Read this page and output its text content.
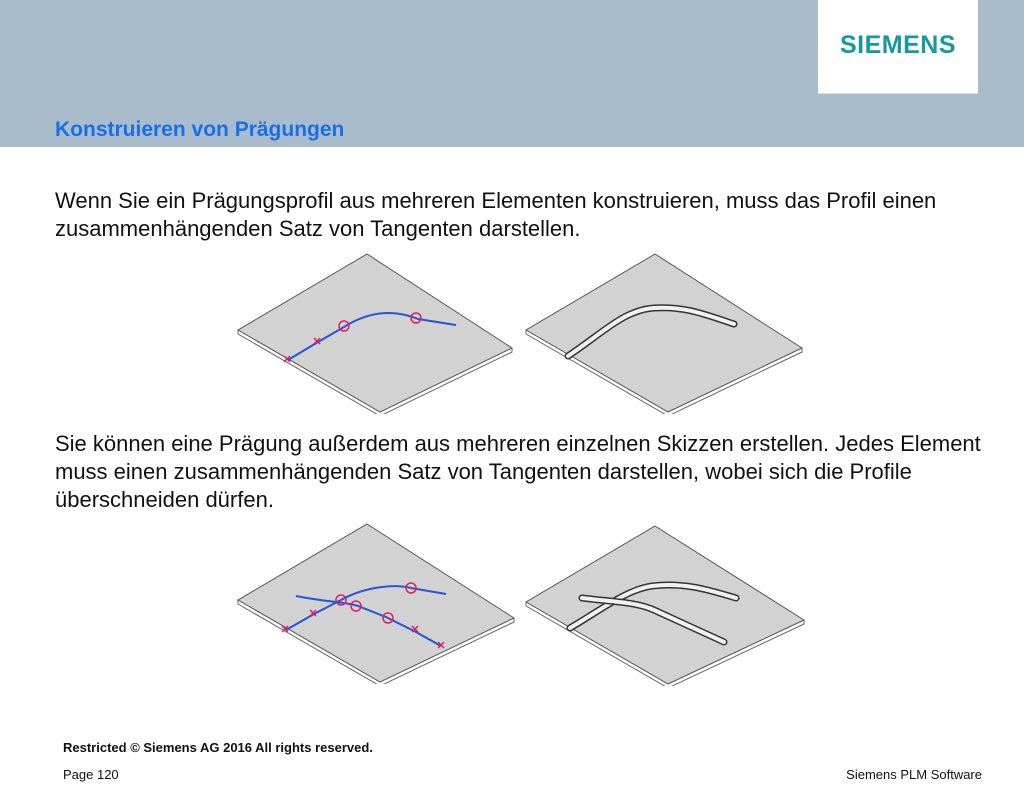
SIEMENS
Konstruieren von Prägungen

Wenn Sie ein Prägungsprofil aus mehreren Elementen konstruieren, muss das Profil einen zusammenhängenden Satz von Tangenten darstellen.

Sie können eine Prägung außerdem aus mehreren einzelnen Skizzen erstellen. Jedes Element muss einen zusammenhängenden Satz von Tangenten darstellen, wobei sich die Profile überschneiden dürfen.

Restricted © Siemens AG 2016 All rights reserved.
Page 120	Siemens PLM Software
